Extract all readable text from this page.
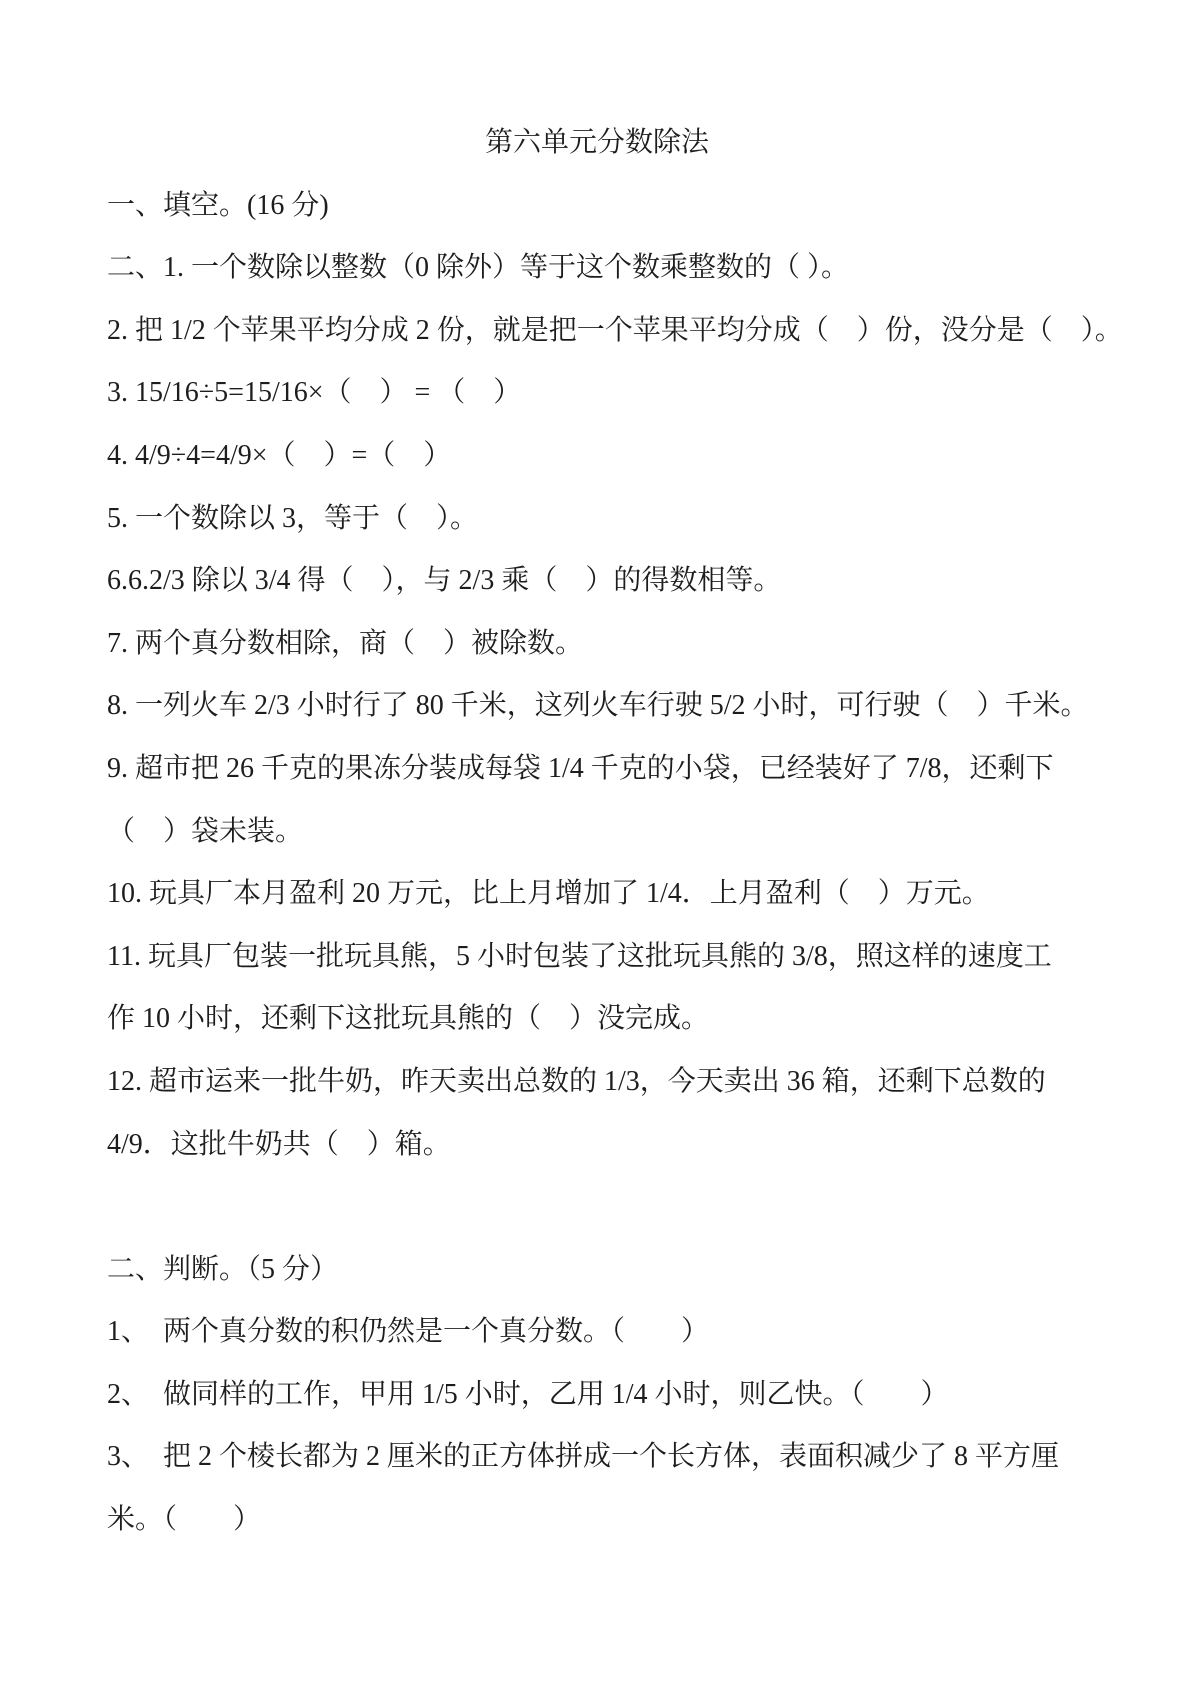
第六单元分数除法
一、填空。(16 分)
二、1. 一个数除以整数（0 除外）等于这个数乘整数的（ ）。
2. 把 1/2 个苹果平均分成 2 份，就是把一个苹果平均分成（　）份，没分是（　）。
3. 15/16÷5=15/16×（　） = （　）
4. 4/9÷4=4/9×（　）=（　）
5. 一个数除以 3，等于（　）。
6.6.2/3 除以 3/4 得（　），与 2/3 乘（　）的得数相等。
7. 两个真分数相除，商（　）被除数。
8. 一列火车 2/3 小时行了 80 千米，这列火车行驶 5/2 小时，可行驶（　）千米。
9. 超市把 26 千克的果冻分装成每袋 1/4 千克的小袋，已经装好了 7/8，还剩下
（　）袋未装。
10. 玩具厂本月盈利 20 万元，比上月增加了 1/4．上月盈利（　）万元。
11. 玩具厂包装一批玩具熊，5 小时包装了这批玩具熊的 3/8，照这样的速度工
作 10 小时，还剩下这批玩具熊的（　）没完成。
12. 超市运来一批牛奶，昨天卖出总数的 1/3，今天卖出 36 箱，还剩下总数的
4/9．这批牛奶共（　）箱。
二、判断。（5 分）
1、　两个真分数的积仍然是一个真分数。（　　）
2、　做同样的工作，甲用 1/5 小时，乙用 1/4 小时，则乙快。（　　）
3、　把 2 个棱长都为 2 厘米的正方体拼成一个长方体，表面积减少了 8 平方厘
米。（　　）
